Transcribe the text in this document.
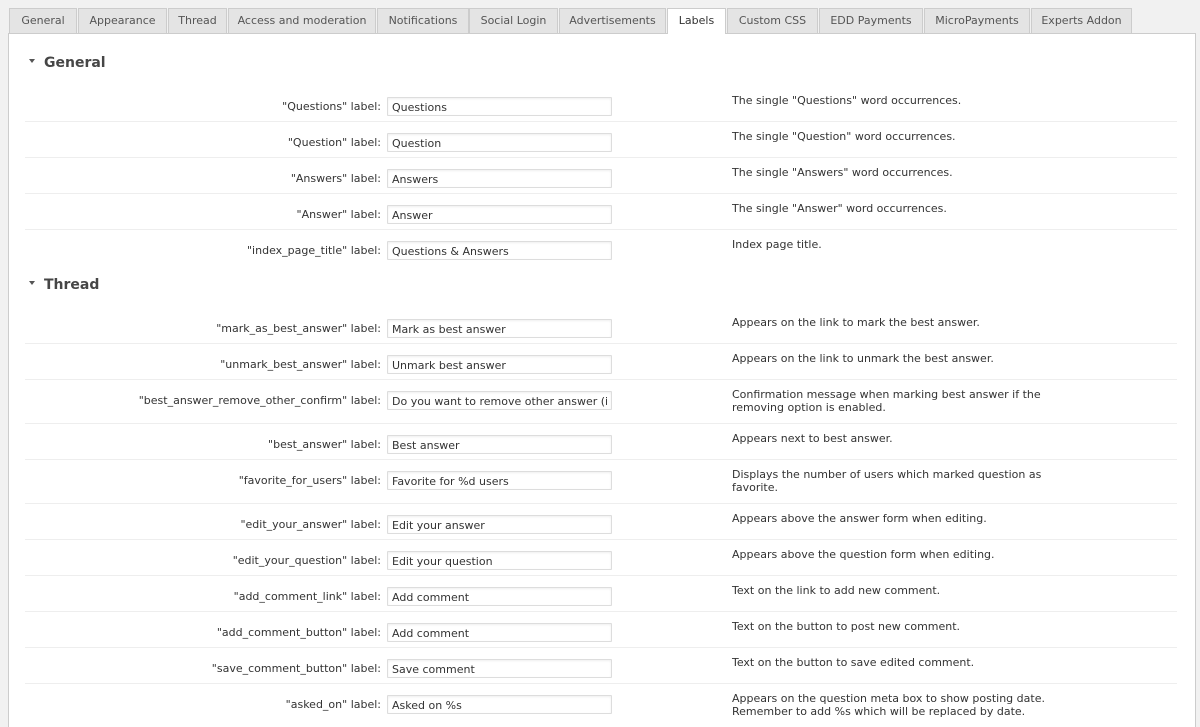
General	Appearance	Thread	Access and moderation	Notifications	Social Login	Advertisements	Labels	Custom CSS	EDD Payments	MicroPayments	Experts Addon
General
"Questions" label:
Questions	The single "Questions" word occurrences.
"Question" label:
Question	The single "Question" word occurrences.
"Answers" label:
Answers	The single "Answers" word occurrences.
"Answer" label:
Answer	The single "Answer" word occurrences.
"index_page_title" label:
Questions & Answers	Index page title.
Thread
"mark_as_best_answer" label:
Mark as best answer	Appears on the link to mark the best answer.
"unmark_best_answer" label:
Unmark best answer	Appears on the link to unmark the best answer.
"best_answer_remove_other_confirm" label:
Do you want to remove other answer (ir	Confirmation message when marking best answer if the removing option is enabled.
"best_answer" label:
Best answer	Appears next to best answer.
"favorite_for_users" label:
Favorite for %d users	Displays the number of users which marked question as favorite.
"edit_your_answer" label:
Edit your answer	Appears above the answer form when editing.
"edit_your_question" label:
Edit your question	Appears above the question form when editing.
"add_comment_link" label:
Add comment	Text on the link to add new comment.
"add_comment_button" label:
Add comment	Text on the button to post new comment.
"save_comment_button" label:
Save comment	Text on the button to save edited comment.
"asked_on" label:
Asked on %s	Appears on the question meta box to show posting date. Remember to add %s which will be replaced by date.
